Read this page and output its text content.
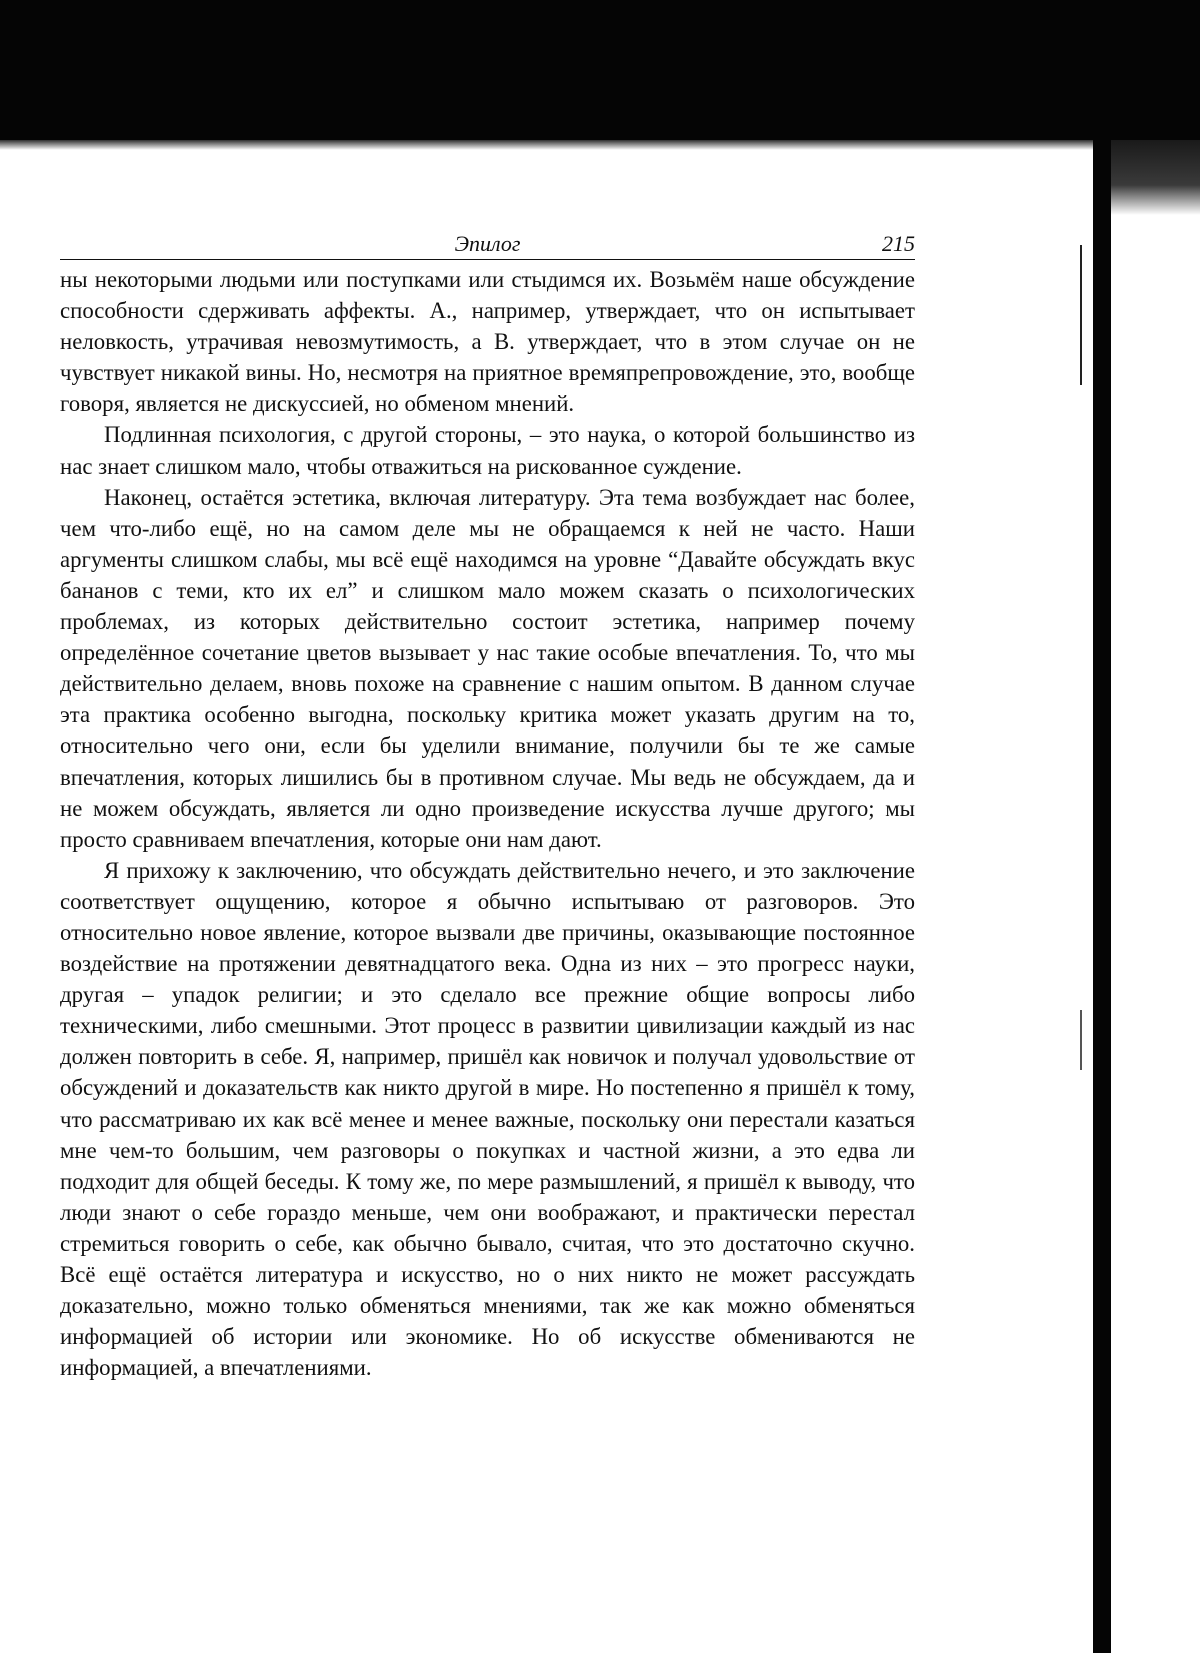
Эпилог	215

ны некоторыми людьми или поступками или стыдимся их. Возьмём наше обсуждение способности сдерживать аффекты. А., например, утверждает, что он испытывает неловкость, утрачивая невозмутимость, а В. утверждает, что в этом случае он не чувствует никакой вины. Но, несмотря на приятное времяпрепровождение, это, вообще говоря, является не дискуссией, но обменом мнений.

Подлинная психология, с другой стороны, – это наука, о которой большинство из нас знает слишком мало, чтобы отважиться на рискованное суждение.

Наконец, остаётся эстетика, включая литературу. Эта тема возбуждает нас более, чем что-либо ещё, но на самом деле мы не обращаемся к ней не часто. Наши аргументы слишком слабы, мы всё ещё находимся на уровне “Давайте обсуждать вкус бананов с теми, кто их ел” и слишком мало можем сказать о психологических проблемах, из которых действительно состоит эстетика, например почему определённое сочетание цветов вызывает у нас такие особые впечатления. То, что мы действительно делаем, вновь похоже на сравнение с нашим опытом. В данном случае эта практика особенно выгодна, поскольку критика может указать другим на то, относительно чего они, если бы уделили внимание, получили бы те же самые впечатления, которых лишились бы в противном случае. Мы ведь не обсуждаем, да и не можем обсуждать, является ли одно произведение искусства лучше другого; мы просто сравниваем впечатления, которые они нам дают.

Я прихожу к заключению, что обсуждать действительно нечего, и это заключение соответствует ощущению, которое я обычно испытываю от разговоров. Это относительно новое явление, которое вызвали две причины, оказывающие постоянное воздействие на протяжении девятнадцатого века. Одна из них – это прогресс науки, другая – упадок религии; и это сделало все прежние общие вопросы либо техническими, либо смешными. Этот процесс в развитии цивилизации каждый из нас должен повторить в себе. Я, например, пришёл как новичок и получал удовольствие от обсуждений и доказательств как никто другой в мире. Но постепенно я пришёл к тому, что рассматриваю их как всё менее и менее важные, поскольку они перестали казаться мне чем-то большим, чем разговоры о покупках и частной жизни, а это едва ли подходит для общей беседы. К тому же, по мере размышлений, я пришёл к выводу, что люди знают о себе гораздо меньше, чем они воображают, и практически перестал стремиться говорить о себе, как обычно бывало, считая, что это достаточно скучно. Всё ещё остаётся литература и искусство, но о них никто не может рассуждать доказательно, можно только обменяться мнениями, так же как можно обменяться информацией об истории или экономике. Но об искусстве обмениваются не информацией, а впечатлениями.
